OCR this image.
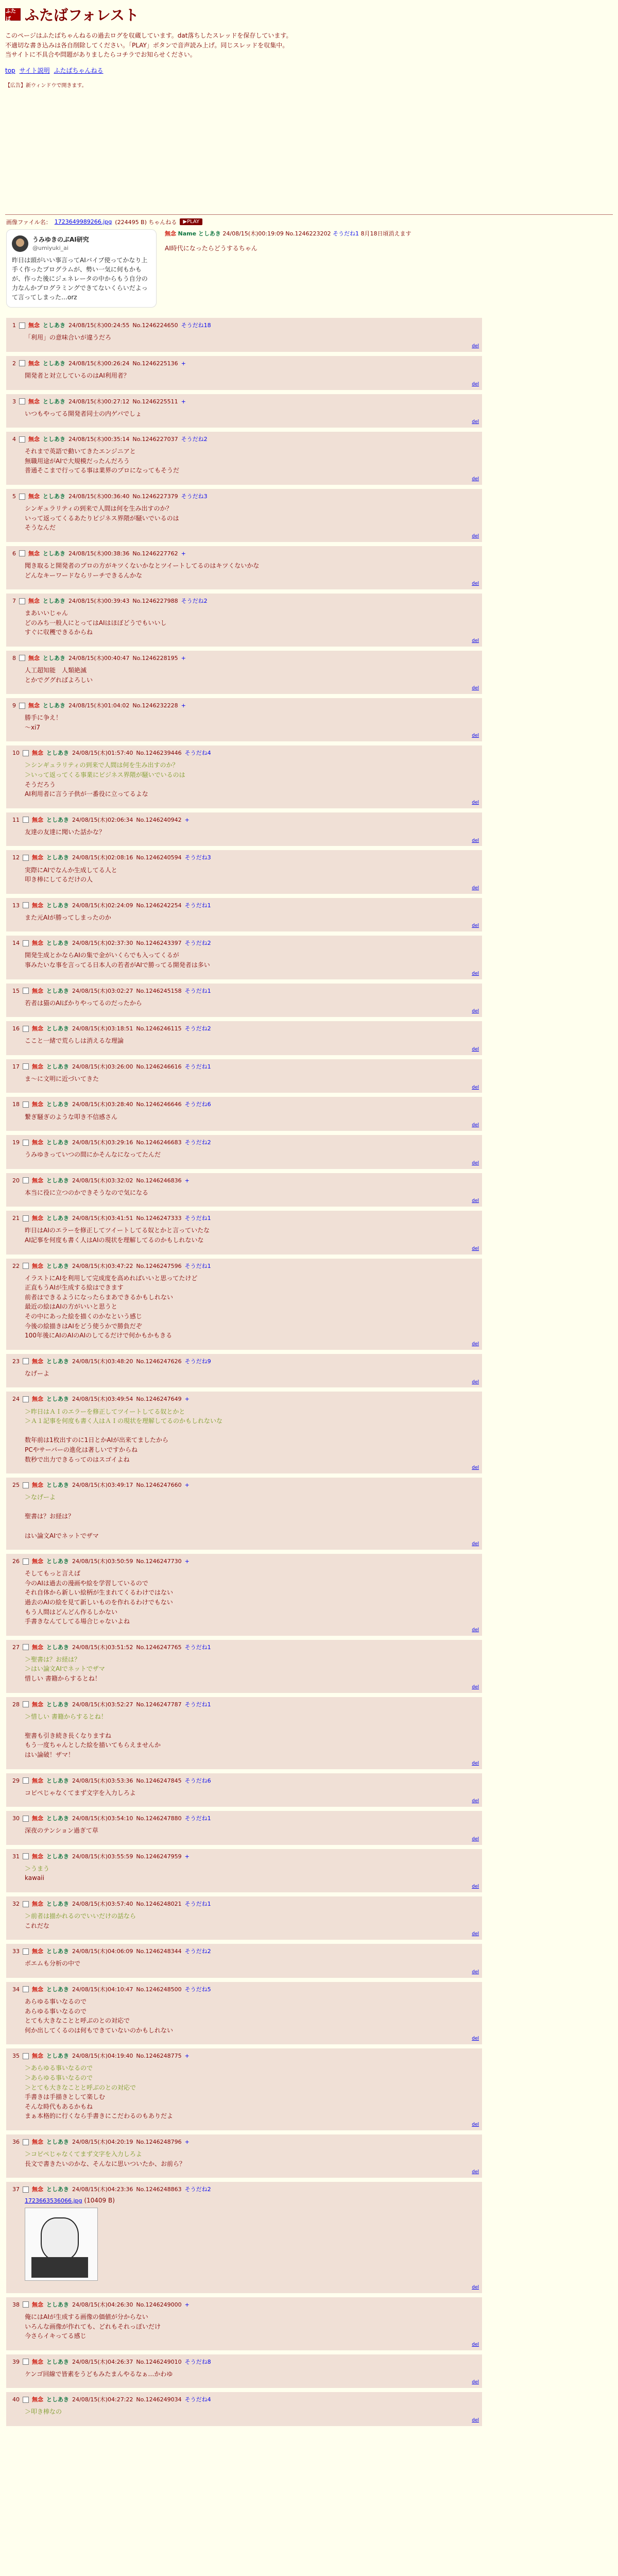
ふたば ふたばフォレスト
このページはふたばちゃんねるの過去ログを収蔵しています。dat落ちしたスレッドを保存しています。
不適切な書き込みは各自削除してください。「PLAY」ボタンで音声読み上げ。同じスレッドを収集中。
当サイトに不具合や問題がありましたらコチラでお知らせください。
top サイト説明 ふたばちゃんねる
【広告】新ウィンドウで開きます。
画像ファイル名： 1723649989266.jpg (224495 B) ちゃんねる	▶PLAY
うみゆきのぶAI研究
@umiyuki_ai
昨日は頭がいい事言ってAIバイブ使ってかなり上手く作ったプログラムが、勢い一気に何もかもが、作った後にジェネレータの中からもう自分の力なんかプログラミングできてないくらいだよって言ってしまった…orz
無念 Name としあき 24/08/15(木)00:19:09 No.1246223202 そうだね1 8月18日頃消えます
AI時代になったらどうするちゃん
1 無念 としあき 24/08/15(木)00:24:55 No.1246224650 そうだね18
「利用」の意味合いが違うだろ
del
2 無念 としあき 24/08/15(木)00:26:24 No.1246225136 +
開発者と対立しているのはAI利用者？
del
3 無念 としあき 24/08/15(木)00:27:12 No.1246225511 +
いつもやってる開発者同士の内ゲバでしょ
del
4 無念 としあき 24/08/15(木)00:35:14 No.1246227037 そうだね2
それまで英語で動いてきたエンジニアと
無職用途がAIで大規模だったんだろう
普通そこまで行ってる事は業界のプロになってもそうだ
del
5 無念 としあき 24/08/15(木)00:36:40 No.1246227379 そうだね3
シンギュラリティの到来で人間は何を生み出すのか？
いって返ってくるあたりビジネス界隈が騒いでいるのは
そうなんだ
del
6 無念 としあき 24/08/15(木)00:38:36 No.1246227762 +
聞き取ると開発者のプロの方がキツくないかなとツイートしてるのはキツくないかな
どんなキーワードならリーチできるんかな
del
7 無念 としあき 24/08/15(木)00:39:43 No.1246227988 そうだね2
まあいいじゃん
どのみち一般人にとってはAIはほぼどうでもいいし
すぐに収穫できるからね
del
8 無念 としあき 24/08/15(木)00:40:47 No.1246228195 +
人工超知能　人類絶滅
とかでググればよろしい
del
9 無念 としあき 24/08/15(木)01:04:02 No.1246232228 +
勝手に争え！
～xi7
del
10 無念 としあき 24/08/15(木)01:57:40 No.1246239446 そうだね4
＞シンギュラリティの到来で人間は何を生み出すのか？
＞いって返ってくる事業にビジネス界隈が騒いでいるのは
そうだろう
AI利用者に言う子供が一番役に立ってるよな
del
11 無念 としあき 24/08/15(木)02:06:34 No.1246240942 +
友達の友達に聞いた話かな？
del
12 無念 としあき 24/08/15(木)02:08:16 No.1246240594 そうだね3
実際にAIでなんか生成してる人と
叩き棒にしてるだけの人
del
13 無念 としあき 24/08/15(木)02:24:09 No.1246242254 そうだね1
また元AIが勝ってしまったのか
del
14 無念 としあき 24/08/15(木)02:37:30 No.1246243397 そうだね2
開発生成とかならAIの集で金がいくらでも入ってくるが
事みたいな事を言ってる日本人の若者がAIで勝ってる開発者は多い
del
15 無念 としあき 24/08/15(木)03:02:27 No.1246245158 そうだね1
若者は猫のAIばかりやってるのだったから
del
16 無念 としあき 24/08/15(木)03:18:51 No.1246246115 そうだね2
ここと一緒で荒らしは消えるな理論
del
17 無念 としあき 24/08/15(木)03:26:00 No.1246246616 そうだね1
ま～に文明に近づいてきた
del
18 無念 としあき 24/08/15(木)03:28:40 No.1246246646 そうだね6
繋ぎ騒ぎのような叩き不信感さん
del
19 無念 としあき 24/08/15(木)03:29:16 No.1246246683 そうだね2
うみゆきっていつの間にかそんなになってたんだ
del
20 無念 としあき 24/08/15(木)03:32:02 No.1246246836 +
本当に役に立つのかできそうなので気になる
del
21 無念 としあき 24/08/15(木)03:41:51 No.1246247333 そうだね1
昨日はAIのエラーを修正してツイートしてる奴とかと言っていたな
AI記事を何度も書く人はAIの現状を理解してるのかもしれないな
del
22 無念 としあき 24/08/15(木)03:47:22 No.1246247596 そうだね1
イラストにAIを利用して完成度を高めればいいと思ってたけど
正直もうAIが生成する絵はできます
前者はできるようになったらまあできるかもしれない
最近の絵はAIの方がいいと思うと
その中にあった絵を描くのかなという感じ
今後の絵描きはAIをどう使うかで勝負だぞ
100年後にAIのAIのAIのしてるだけで何かもかもきる
del
23 無念 としあき 24/08/15(木)03:48:20 No.1246247626 そうだね9
なげーよ
del
24 無念 としあき 24/08/15(木)03:49:54 No.1246247649 +
＞昨日はＡＩのエラーを修正してツイートしてる奴とかと
＞Ａ１記事を何度も書く人はＡＩの現状を理解してるのかもしれないな

数年前は1枚出すのに1日とかAIが出来てましたから
PCやサーバーの進化は著しいですからね
数秒で出力できるってのはスゴイよね
del
25 無念 としあき 24/08/15(木)03:49:17 No.1246247660 +
＞なげーよ

聖書は？お経は？

はい論文AIでネットでザマ
del
26 無念 としあき 24/08/15(木)03:50:59 No.1246247730 +
そしてもっと言えば
今のAIは過去の漫画や絵を学習しているので
それ自体から新しい絵柄が生まれてくるわけではない
過去のAIの絵を見て新しいものを作れるわけでもない
もう人間はどんどん作るしかない
手書きなんてしてる場合じゃないよね
del
27 無念 としあき 24/08/15(木)03:51:52 No.1246247765 そうだね1
＞聖書は？お経は？
＞はい論文AIでネットでザマ
惜しい 書籍からするとね！
del
28 無念 としあき 24/08/15(木)03:52:27 No.1246247787 そうだね1
＞惜しい 書籍からするとね！

聖書も引き続き長くなりますね
もう一度ちゃんとした絵を描いてもらえませんか
はい論破！ザマ！
del
29 無念 としあき 24/08/15(木)03:53:36 No.1246247845 そうだね6
コピペじゃなくてまず文字を入力しろよ
del
30 無念 としあき 24/08/15(木)03:54:10 No.1246247880 そうだね1
深夜のテンション過ぎて草
del
31 無念 としあき 24/08/15(木)03:55:59 No.1246247959 +
＞うまう
kawaii
del
32 無念 としあき 24/08/15(木)03:57:40 No.1246248021 そうだね1
＞前者は描かれるのでいいだけの話なら
これだな
del
33 無念 としあき 24/08/15(木)04:06:09 No.1246248344 そうだね2
ボエムも分析の中で
del
34 無念 としあき 24/08/15(木)04:10:47 No.1246248500 そうだね5
あらゆる事いなるので
あらゆる事いなるので
とても大きなことと呼ぶのとの対応で
何か出してくるのは何もできていないのかもしれない
del
35 無念 としあき 24/08/15(木)04:19:40 No.1246248775 +
＞あらゆる事いなるので
＞あらゆる事いなるので
＞とても大きなことと呼ぶのとの対応で
手書きは手描きとして楽しむ
そんな時代もあるかもね
まぁ本格的に行くなら手書きにこだわるのもありだよ
del
36 無念 としあき 24/08/15(木)04:20:19 No.1246248796 +
＞コピペじゃなくてまず文字を入力しろよ
長文で書きたいのかな、そんなに思いついたか、お前ら？
del
37 無念 としあき 24/08/15(木)04:23:36 No.1246248863 そうだね2
1723663536066.jpg (10409 B)
del
38 無念 としあき 24/08/15(木)04:26:30 No.1246249000 +
俺にはAIが生成する画像の価値が分からない
いろんな画像が作れても、どれもそれっぽいだけ
今さらイキってる感じ
del
39 無念 としあき 24/08/15(木)04:26:37 No.1246249010 そうだね8
ケンゴ回線で皆素をうどもみたまんやるなぁ…かわゆ
del
40 無念 としあき 24/08/15(木)04:27:22 No.1246249034 そうだね4
＞叩き棒なの
del
